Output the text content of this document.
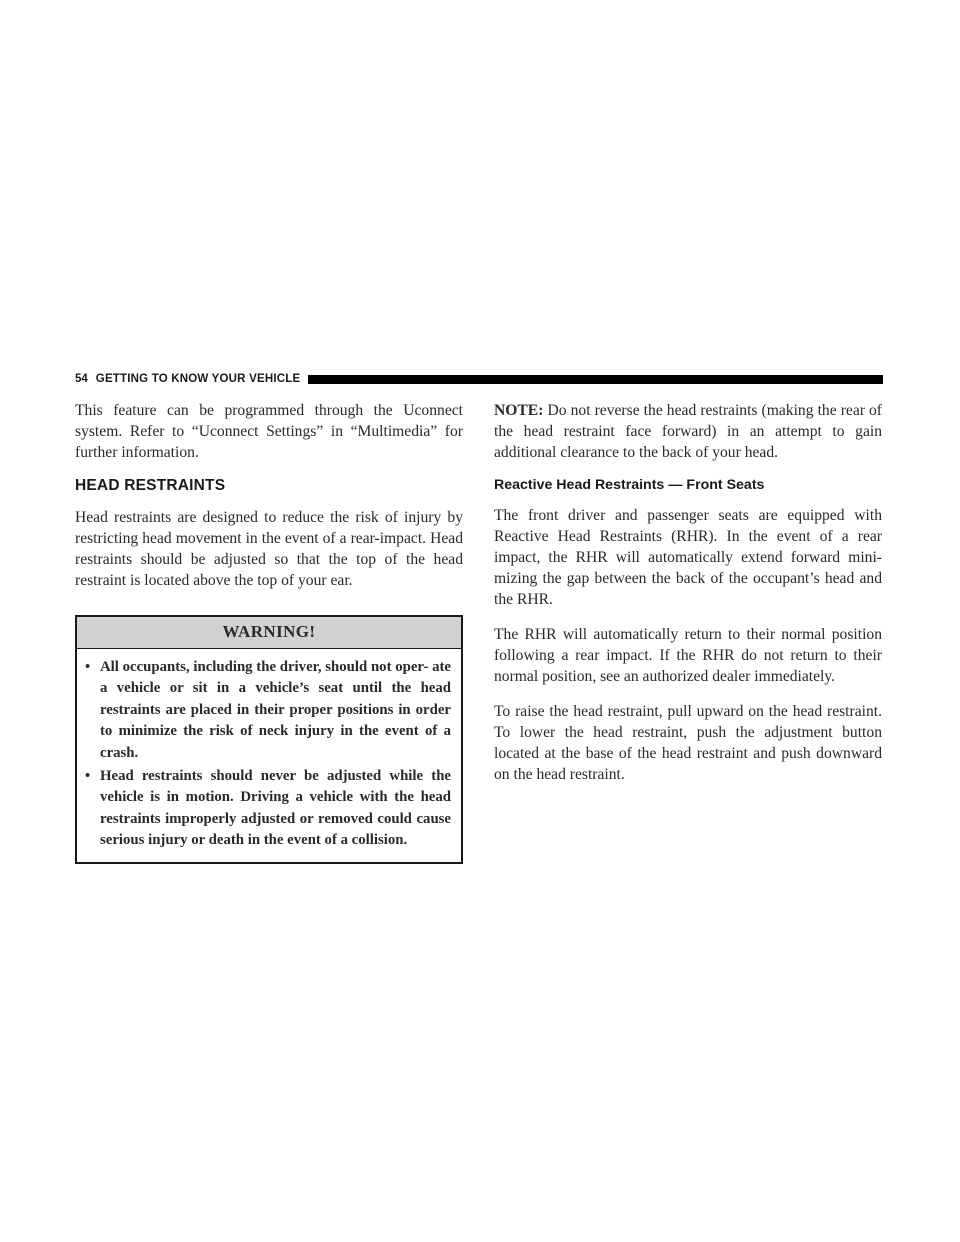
54 GETTING TO KNOW YOUR VEHICLE

This feature can be programmed through the Uconnect system. Refer to “Uconnect Settings” in “Multimedia” for further information.

HEAD RESTRAINTS

Head restraints are designed to reduce the risk of injury by restricting head movement in the event of a rear-impact. Head restraints should be adjusted so that the top of the head restraint is located above the top of your ear.

WARNING!
• All occupants, including the driver, should not oper- ate a vehicle or sit in a vehicle’s seat until the head restraints are placed in their proper positions in order to minimize the risk of neck injury in the event of a crash.
• Head restraints should never be adjusted while the vehicle is in motion. Driving a vehicle with the head restraints improperly adjusted or removed could cause serious injury or death in the event of a collision.

NOTE: Do not reverse the head restraints (making the rear of the head restraint face forward) in an attempt to gain additional clearance to the back of your head.

Reactive Head Restraints — Front Seats

The front driver and passenger seats are equipped with Reactive Head Restraints (RHR). In the event of a rear impact, the RHR will automatically extend forward mini- mizing the gap between the back of the occupant’s head and the RHR.

The RHR will automatically return to their normal position following a rear impact. If the RHR do not return to their normal position, see an authorized dealer immediately.

To raise the head restraint, pull upward on the head restraint. To lower the head restraint, push the adjustment button located at the base of the head restraint and push downward on the head restraint.
